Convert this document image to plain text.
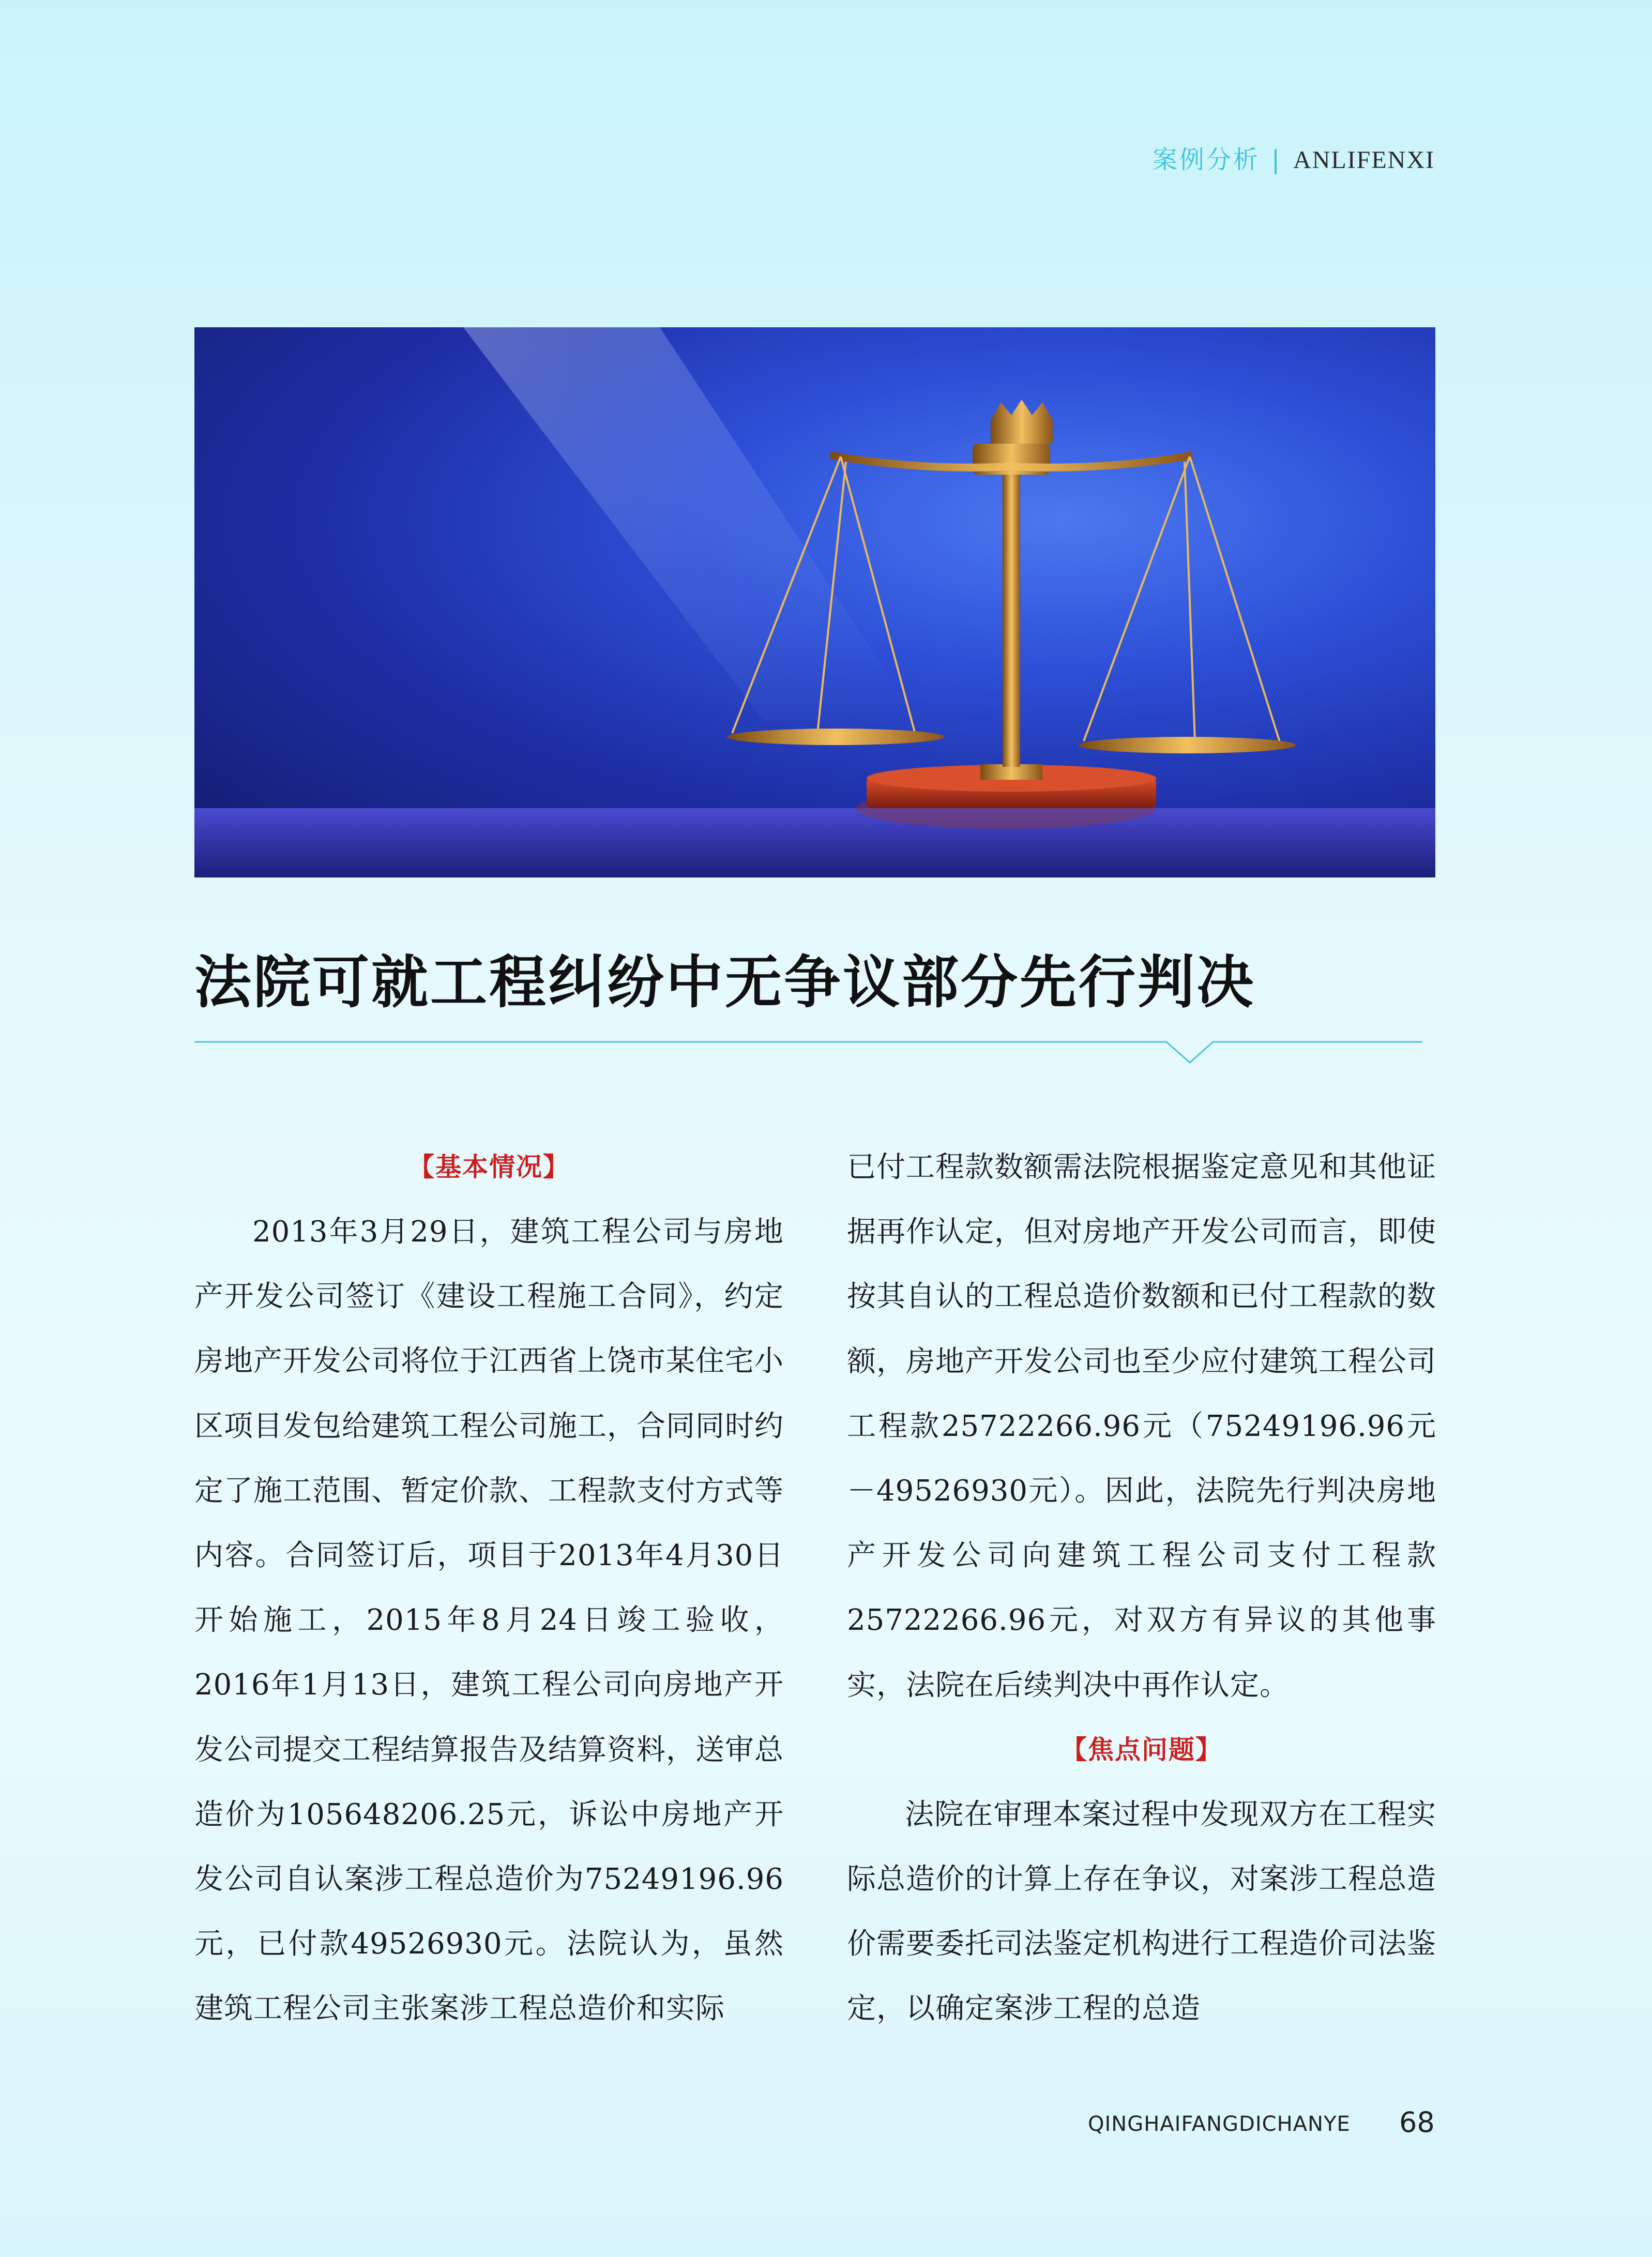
案例分析 | ANLIFENXI
法院可就工程纠纷中无争议部分先行判决
【基本情况】

2013年3月29日，建筑工程公司与房地产开发公司签订《建设工程施工合同》，约定房地产开发公司将位于江西省上饶市某住宅小区项目发包给建筑工程公司施工，合同同时约定了施工范围、暂定价款、工程款支付方式等内容。合同签订后，项目于2013年4月30日开始施工，2015年8月24日竣工验收，2016年1月13日，建筑工程公司向房地产开发公司提交工程结算报告及结算资料，送审总造价为105648206.25元，诉讼中房地产开发公司自认案涉工程总造价为75249196.96元，已付款49526930元。法院认为，虽然建筑工程公司主张案涉工程总造价和实际

已付工程款数额需法院根据鉴定意见和其他证据再作认定，但对房地产开发公司而言，即使按其自认的工程总造价数额和已付工程款的数额，房地产开发公司也至少应付建筑工程公司工程款25722266.96元（75249196.96元－49526930元）。因此，法院先行判决房地产开发公司向建筑工程公司支付工程款25722266.96元，对双方有异议的其他事实，法院在后续判决中再作认定。

【焦点问题】

法院在审理本案过程中发现双方在工程实际总造价的计算上存在争议，对案涉工程总造价需要委托司法鉴定机构进行工程造价司法鉴定，以确定案涉工程的总造

QINGHAIFANGDICHANYE 68
